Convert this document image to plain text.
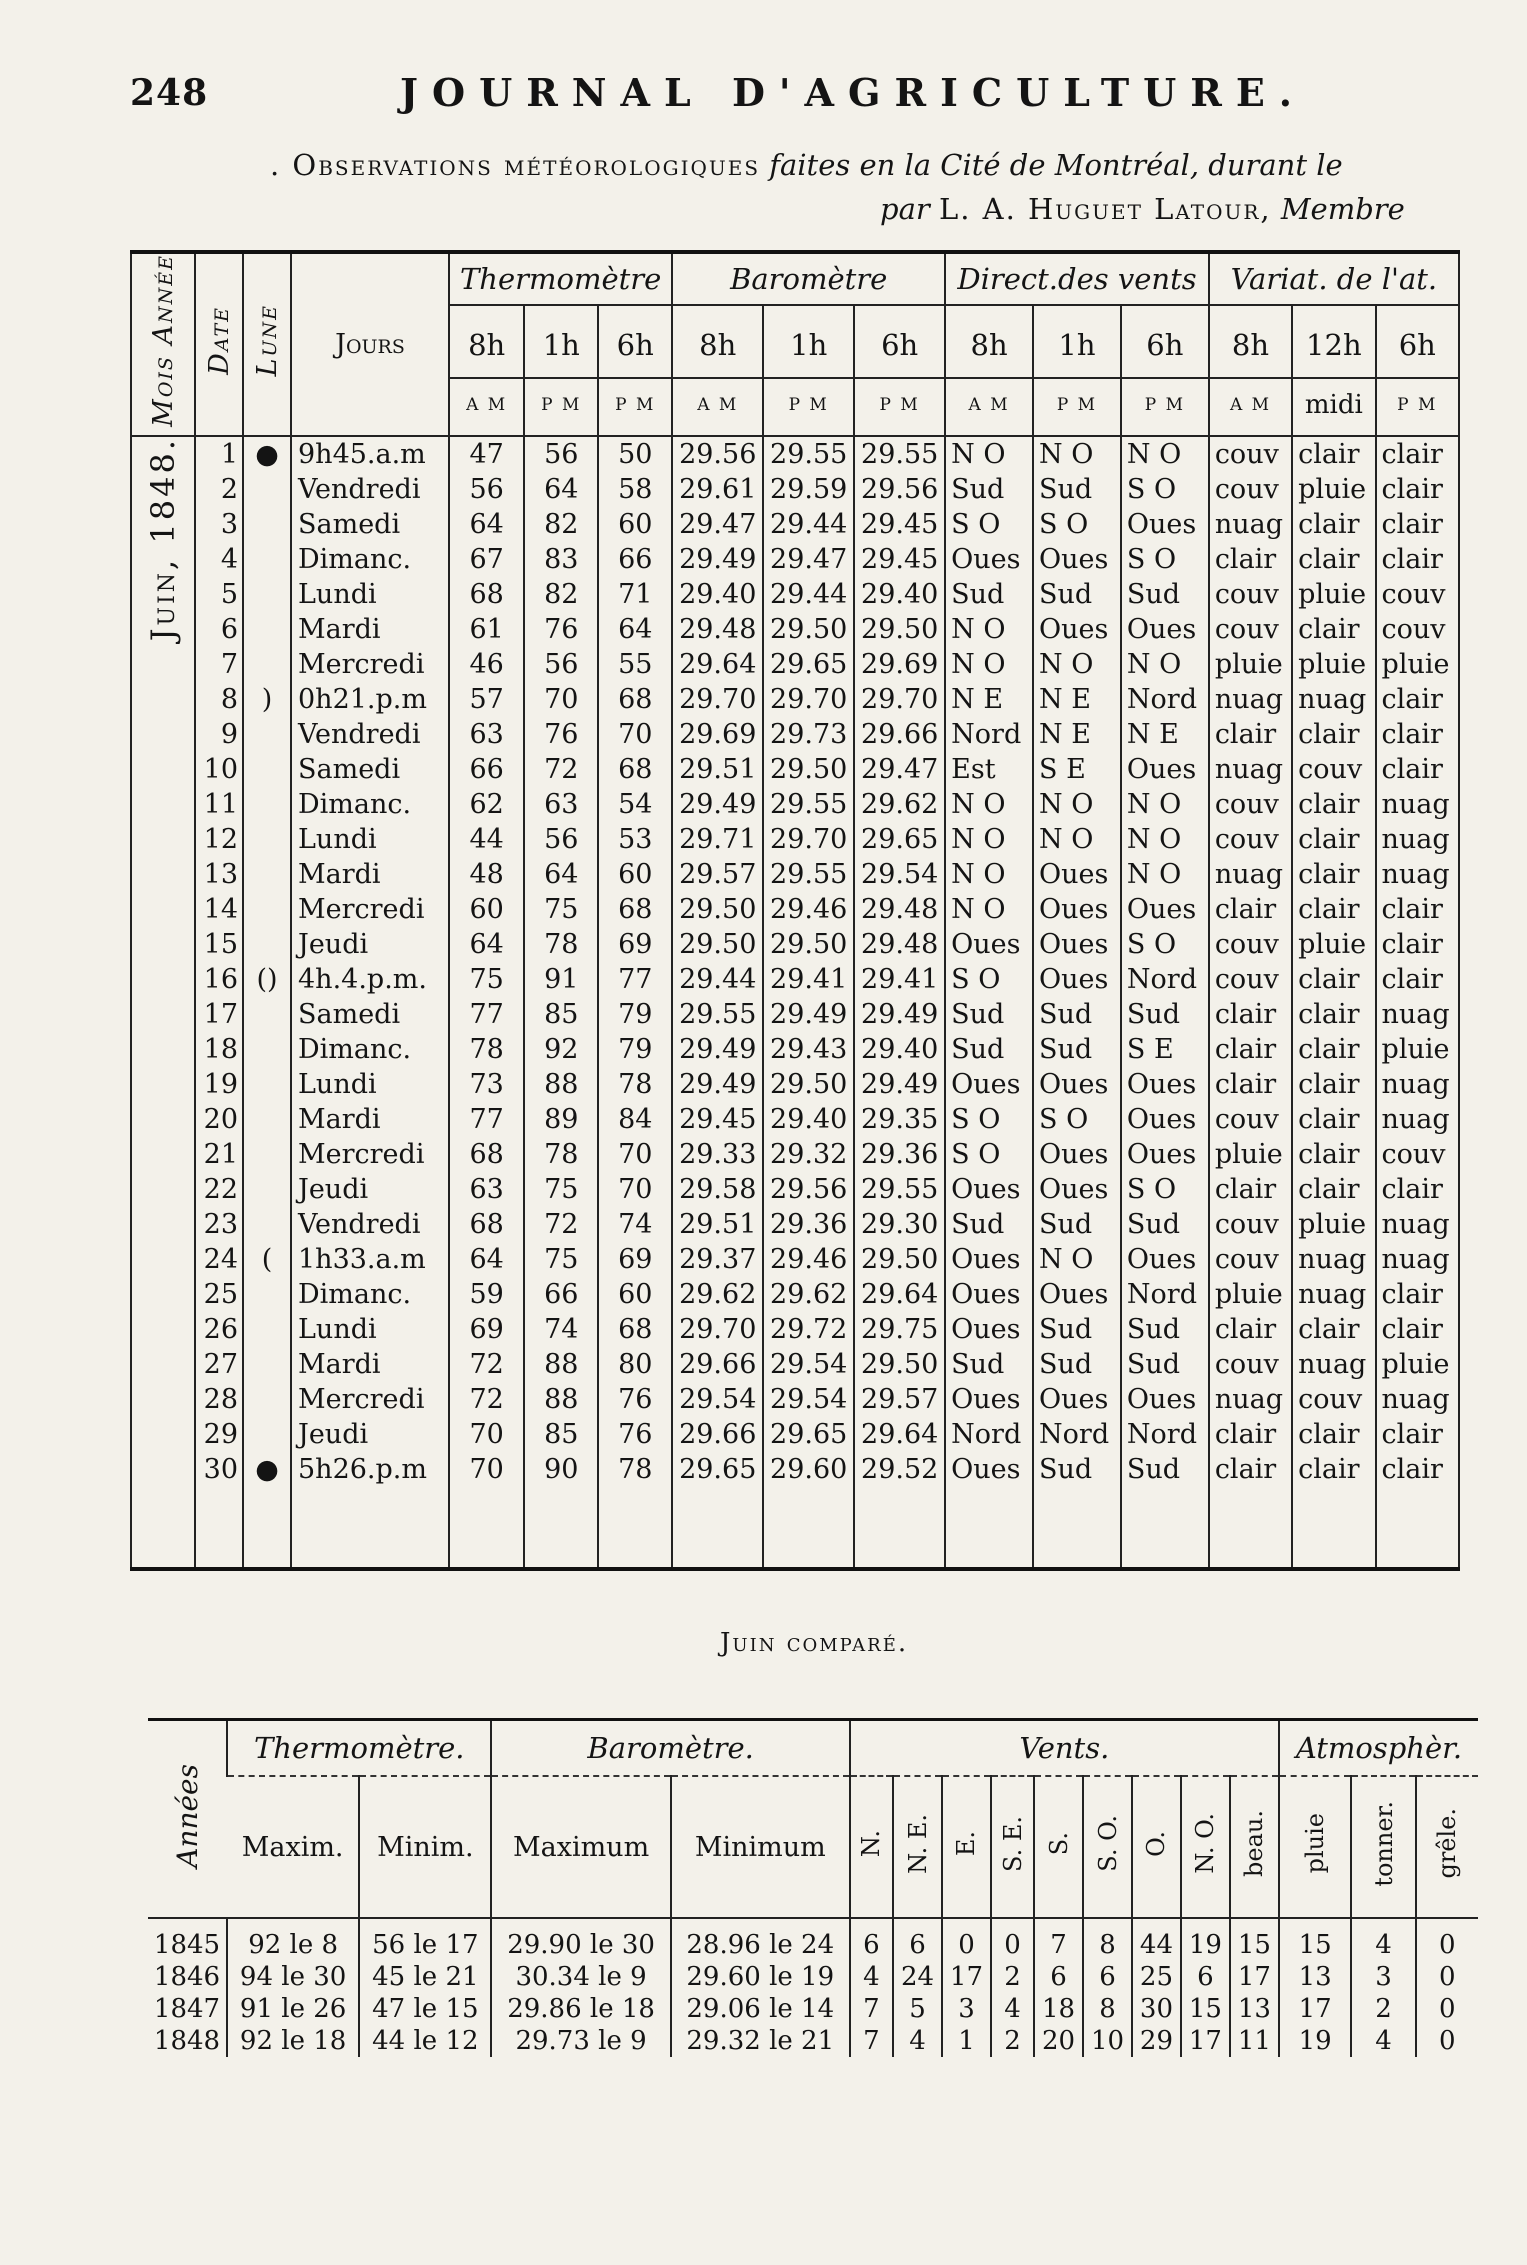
248	JOURNAL D'AGRICULTURE.
. Observations météorologiques faites en la Cité de Montréal, durant le
par L. A. Huguet Latour, Membre
Mois Année	Date	Lune	Jours	Thermomètre			Baromètre			Direct.des vents			Variat. de l'at.		
				8h	1h	6h	8h	1h	6h	8h	1h	6h	8h	12h	6h
				A M	P M	P M	A M	P M	P M	A M	P M	P M	A M	midi	P M
Juin, 1848.	1	●	9h45.a.m	47	56	50	29.56	29.55	29.55	N O	N O	N O	couv	clair	clair
	2		Vendredi	56	64	58	29.61	29.59	29.56	Sud	Sud	S O	couv	pluie	clair
	3		Samedi	64	82	60	29.47	29.44	29.45	S O	S O	Oues	nuag	clair	clair
	4		Dimanc.	67	83	66	29.49	29.47	29.45	Oues	Oues	S O	clair	clair	clair
	5		Lundi	68	82	71	29.40	29.44	29.40	Sud	Sud	Sud	couv	pluie	couv
	6		Mardi	61	76	64	29.48	29.50	29.50	N O	Oues	Oues	couv	clair	couv
	7		Mercredi	46	56	55	29.64	29.65	29.69	N O	N O	N O	pluie	pluie	pluie
	8	)	0h21.p.m	57	70	68	29.70	29.70	29.70	N E	N E	Nord	nuag	nuag	clair
	9		Vendredi	63	76	70	29.69	29.73	29.66	Nord	N E	N E	clair	clair	clair
	10		Samedi	66	72	68	29.51	29.50	29.47	Est	S E	Oues	nuag	couv	clair
	11		Dimanc.	62	63	54	29.49	29.55	29.62	N O	N O	N O	couv	clair	nuag
	12		Lundi	44	56	53	29.71	29.70	29.65	N O	N O	N O	couv	clair	nuag
	13		Mardi	48	64	60	29.57	29.55	29.54	N O	Oues	N O	nuag	clair	nuag
	14		Mercredi	60	75	68	29.50	29.46	29.48	N O	Oues	Oues	clair	clair	clair
	15		Jeudi	64	78	69	29.50	29.50	29.48	Oues	Oues	S O	couv	pluie	clair
	16	()	4h.4.p.m.	75	91	77	29.44	29.41	29.41	S O	Oues	Nord	couv	clair	clair
	17		Samedi	77	85	79	29.55	29.49	29.49	Sud	Sud	Sud	clair	clair	nuag
	18		Dimanc.	78	92	79	29.49	29.43	29.40	Sud	Sud	S E	clair	clair	pluie
	19		Lundi	73	88	78	29.49	29.50	29.49	Oues	Oues	Oues	clair	clair	nuag
	20		Mardi	77	89	84	29.45	29.40	29.35	S O	S O	Oues	couv	clair	nuag
	21		Mercredi	68	78	70	29.33	29.32	29.36	S O	Oues	Oues	pluie	clair	couv
	22		Jeudi	63	75	70	29.58	29.56	29.55	Oues	Oues	S O	clair	clair	clair
	23		Vendredi	68	72	74	29.51	29.36	29.30	Sud	Sud	Sud	couv	pluie	nuag
	24	(	1h33.a.m	64	75	69	29.37	29.46	29.50	Oues	N O	Oues	couv	nuag	nuag
	25		Dimanc.	59	66	60	29.62	29.62	29.64	Oues	Oues	Nord	pluie	nuag	clair
	26		Lundi	69	74	68	29.70	29.72	29.75	Oues	Sud	Sud	clair	clair	clair
	27		Mardi	72	88	80	29.66	29.54	29.50	Sud	Sud	Sud	couv	nuag	pluie
	28		Mercredi	72	88	76	29.54	29.54	29.57	Oues	Oues	Oues	nuag	couv	nuag
	29		Jeudi	70	85	76	29.66	29.65	29.64	Nord	Nord	Nord	clair	clair	clair
	30	●	5h26.p.m	70	90	78	29.65	29.60	29.52	Oues	Sud	Sud	clair	clair	clair

Juin comparé.
Années	Thermomètre.		Baromètre.		Vents.									Atmosphèr.		
	Maxim.	Minim.	Maximum	Minimum	N.	N. E.	E.	S. E.	S.	S. O.	O.	N. O.	beau.	pluie	tonner.	grêle.
1845	92 le 8	56 le 17	29.90 le 30	28.96 le 24	6	6	0	0	7	8	44	19	15	15	4	0
1846	94 le 30	45 le 21	30.34 le 9	29.60 le 19	4	24	17	2	6	6	25	6	17	13	3	0
1847	91 le 26	47 le 15	29.86 le 18	29.06 le 14	7	5	3	4	18	8	30	15	13	17	2	0
1848	92 le 18	44 le 12	29.73 le 9	29.32 le 21	7	4	1	2	20	10	29	17	11	19	4	0
